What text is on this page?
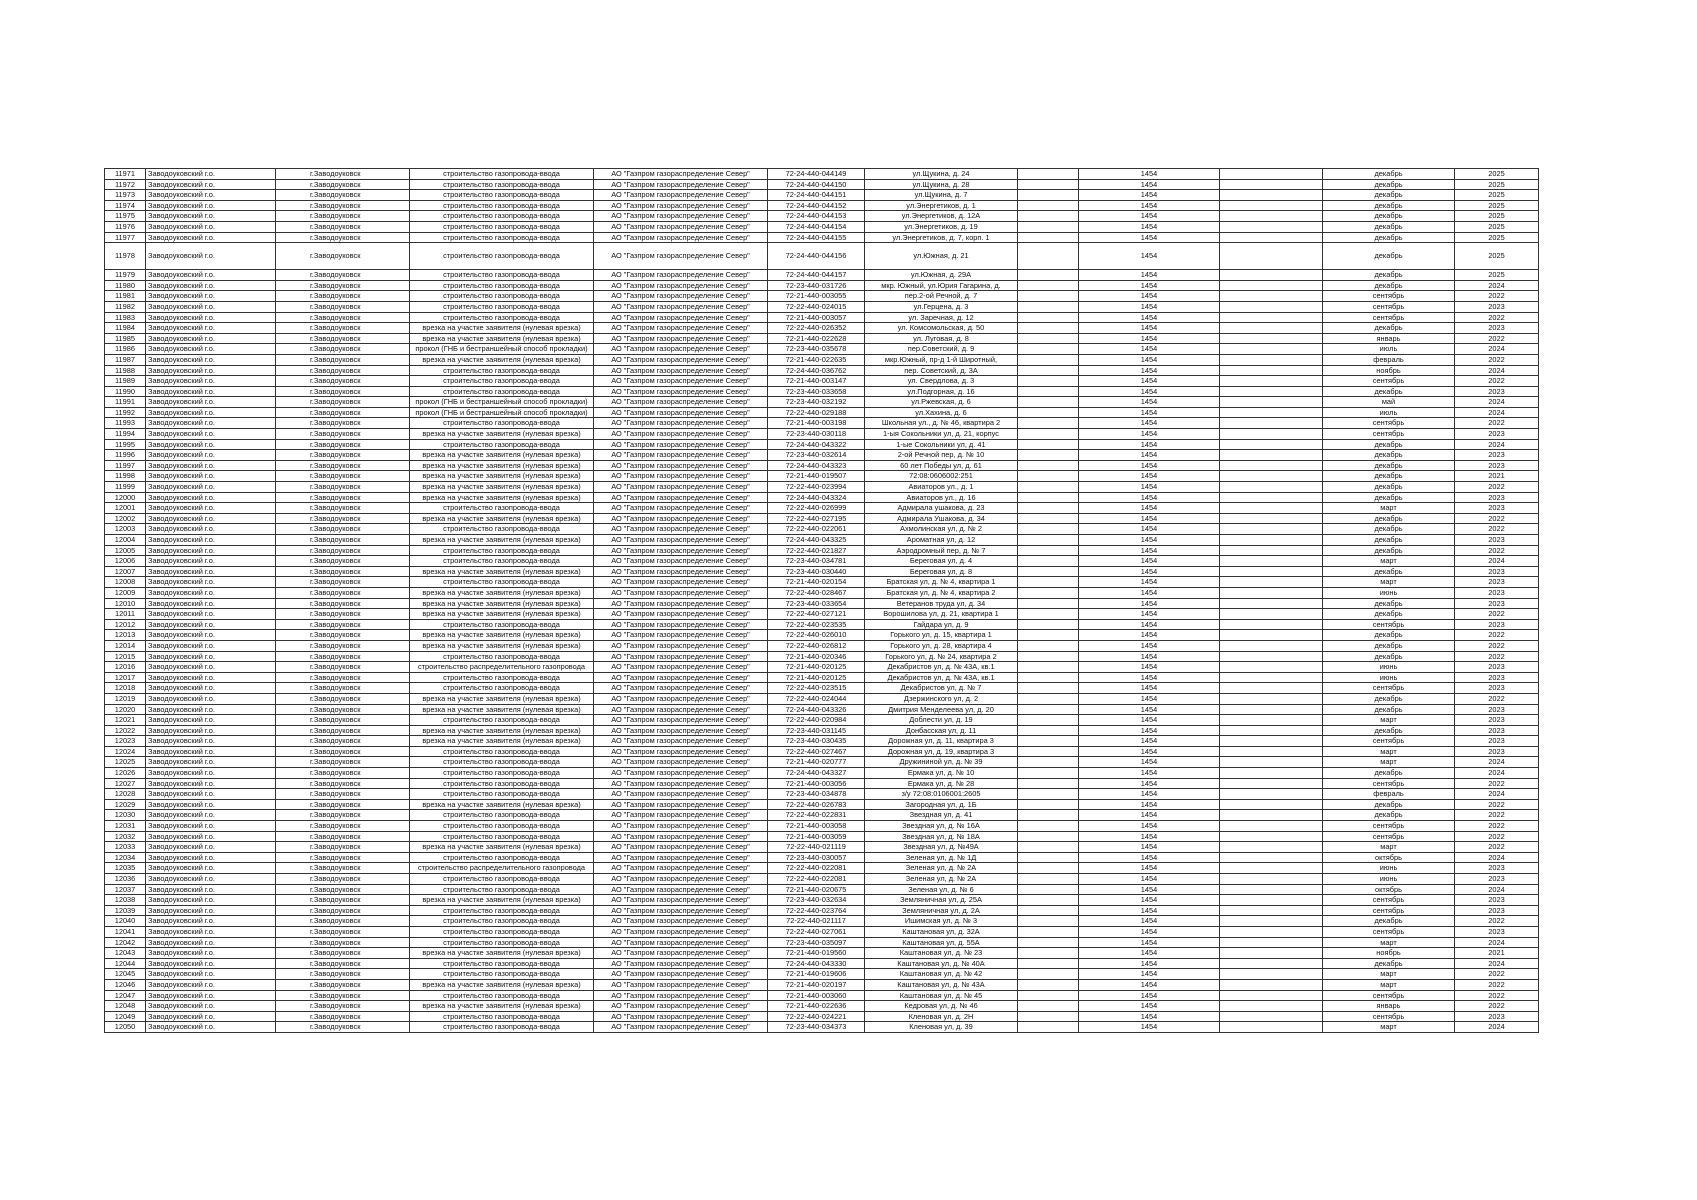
11971	Заводоуковский г.о.	г.Заводоуковск	строительство газопровода-ввода	АО "Газпром газораспределение Север"	72-24-440-044149	ул.Щукина, д. 24		1454		декабрь	2025
11972	Заводоуковский г.о.	г.Заводоуковск	строительство газопровода-ввода	АО "Газпром газораспределение Север"	72-24-440-044150	ул.Щукина, д. 28		1454		декабрь	2025
11973	Заводоуковский г.о.	г.Заводоуковск	строительство газопровода-ввода	АО "Газпром газораспределение Север"	72-24-440-044151	ул.Щукина, д. 7		1454		декабрь	2025
11974	Заводоуковский г.о.	г.Заводоуковск	строительство газопровода-ввода	АО "Газпром газораспределение Север"	72-24-440-044152	ул.Энергетиков, д. 1		1454		декабрь	2025
11975	Заводоуковский г.о.	г.Заводоуковск	строительство газопровода-ввода	АО "Газпром газораспределение Север"	72-24-440-044153	ул.Энергетиков, д. 12А		1454		декабрь	2025
11976	Заводоуковский г.о.	г.Заводоуковск	строительство газопровода-ввода	АО "Газпром газораспределение Север"	72-24-440-044154	ул.Энергетиков, д. 19		1454		декабрь	2025
11977	Заводоуковский г.о.	г.Заводоуковск	строительство газопровода-ввода	АО "Газпром газораспределение Север"	72-24-440-044155	ул.Энергетиков, д. 7, корп. 1		1454		декабрь	2025
11978	Заводоуковский г.о.	г.Заводоуковск	строительство газопровода-ввода	АО "Газпром газораспределение Север"	72-24-440-044156	ул.Южная, д. 21		1454		декабрь	2025
11979	Заводоуковский г.о.	г.Заводоуковск	строительство газопровода-ввода	АО "Газпром газораспределение Север"	72-24-440-044157	ул.Южная, д. 29А		1454		декабрь	2025
11980	Заводоуковский г.о.	г.Заводоуковск	строительство газопровода-ввода	АО "Газпром газораспределение Север"	72-23-440-031726	мкр. Южный, ул.Юрия Гагарина, д.		1454		декабрь	2024
11981	Заводоуковский г.о.	г.Заводоуковск	строительство газопровода-ввода	АО "Газпром газораспределение Север"	72-21-440-003055	пер.2-ой Речной, д. 7		1454		сентябрь	2022
11982	Заводоуковский г.о.	г.Заводоуковск	строительство газопровода-ввода	АО "Газпром газораспределение Север"	72-22-440-024015	ул.Герцена, д. 3		1454		сентябрь	2023
11983	Заводоуковский г.о.	г.Заводоуковск	строительство газопровода-ввода	АО "Газпром газораспределение Север"	72-21-440-003057	ул. Заречная, д. 12		1454		сентябрь	2022
11984	Заводоуковский г.о.	г.Заводоуковск	врезка на участке заявителя (нулевая врезка)	АО "Газпром газораспределение Север"	72-22-440-026352	ул. Комсомольская, д. 50		1454		декабрь	2023
11985	Заводоуковский г.о.	г.Заводоуковск	врезка на участке заявителя (нулевая врезка)	АО "Газпром газораспределение Север"	72-21-440-022628	ул. Луговая, д. 8		1454		январь	2022
11986	Заводоуковский г.о.	г.Заводоуковск	прокол (ГНБ и бестраншейный способ прокладки)	АО "Газпром газораспределение Север"	72-23-440-035678	пер.Советский, д. 9		1454		июль	2024
11987	Заводоуковский г.о.	г.Заводоуковск	врезка на участке заявителя (нулевая врезка)	АО "Газпром газораспределение Север"	72-21-440-022635	мкр.Южный, пр-д 1-й Широтный,		1454		февраль	2022
11988	Заводоуковский г.о.	г.Заводоуковск	строительство газопровода-ввода	АО "Газпром газораспределение Север"	72-24-440-036762	пер. Советский, д. 3А		1454		ноябрь	2024
11989	Заводоуковский г.о.	г.Заводоуковск	строительство газопровода-ввода	АО "Газпром газораспределение Север"	72-21-440-003147	ул. Свердлова, д. 3		1454		сентябрь	2022
11990	Заводоуковский г.о.	г.Заводоуковск	строительство газопровода-ввода	АО "Газпром газораспределение Север"	72-23-440-033658	ул.Подгорная, д. 16		1454		декабрь	2023
11991	Заводоуковский г.о.	г.Заводоуковск	прокол (ГНБ и бестраншейный способ прокладки)	АО "Газпром газораспределение Север"	72-23-440-032192	ул.Ржевская, д. 6		1454		май	2024
11992	Заводоуковский г.о.	г.Заводоуковск	прокол (ГНБ и бестраншейный способ прокладки)	АО "Газпром газораспределение Север"	72-22-440-029188	ул.Хахина, д. 6		1454		июль	2024
11993	Заводоуковский г.о.	г.Заводоуковск	строительство газопровода-ввода	АО "Газпром газораспределение Север"	72-21-440-003198	Школьная ул., д. № 46, квартира 2		1454		сентябрь	2022
11994	Заводоуковский г.о.	г.Заводоуковск	врезка на участке заявителя (нулевая врезка)	АО "Газпром газораспределение Север"	72-23-440-030118	1-ыя Сокольники ул, д. 21, корпус		1454		сентябрь	2023
11995	Заводоуковский г.о.	г.Заводоуковск	строительство газопровода-ввода	АО "Газпром газораспределение Север"	72-24-440-043322	1-ые Сокольники ул, д. 41		1454		декабрь	2024
11996	Заводоуковский г.о.	г.Заводоуковск	врезка на участке заявителя (нулевая врезка)	АО "Газпром газораспределение Север"	72-23-440-032614	2-ой Речной пер, д. № 10		1454		декабрь	2023
11997	Заводоуковский г.о.	г.Заводоуковск	врезка на участке заявителя (нулевая врезка)	АО "Газпром газораспределение Север"	72-24-440-043323	60 лет Победы ул, д. 61		1454		декабрь	2023
11998	Заводоуковский г.о.	г.Заводоуковск	врезка на участке заявителя (нулевая врезка)	АО "Газпром газораспределение Север"	72-21-440-019507	72:08:0606002:251		1454		декабрь	2021
11999	Заводоуковский г.о.	г.Заводоуковск	врезка на участке заявителя (нулевая врезка)	АО "Газпром газораспределение Север"	72-22-440-023994	Авиаторов ул., д. 1		1454		декабрь	2022
12000	Заводоуковский г.о.	г.Заводоуковск	врезка на участке заявителя (нулевая врезка)	АО "Газпром газораспределение Север"	72-24-440-043324	Авиаторов ул., д. 16		1454		декабрь	2023
12001	Заводоуковский г.о.	г.Заводоуковск	строительство газопровода-ввода	АО "Газпром газораспределение Север"	72-22-440-026999	Адмирала ушакова, д. 23		1454		март	2023
12002	Заводоуковский г.о.	г.Заводоуковск	врезка на участке заявителя (нулевая врезка)	АО "Газпром газораспределение Север"	72-22-440-027195	Адмирала Ушакова, д. 34		1454		декабрь	2022
12003	Заводоуковский г.о.	г.Заводоуковск	строительство газопровода-ввода	АО "Газпром газораспределение Север"	72-22-440-022061	Ахмолинская ул, д. № 2		1454		декабрь	2022
12004	Заводоуковский г.о.	г.Заводоуковск	врезка на участке заявителя (нулевая врезка)	АО "Газпром газораспределение Север"	72-24-440-043325	Ароматная ул, д. 12		1454		декабрь	2023
12005	Заводоуковский г.о.	г.Заводоуковск	строительство газопровода-ввода	АО "Газпром газораспределение Север"	72-22-440-021827	Аэродромный пер, д. № 7		1454		декабрь	2022
12006	Заводоуковский г.о.	г.Заводоуковск	строительство газопровода-ввода	АО "Газпром газораспределение Север"	72-23-440-034781	Береговая ул, д. 4		1454		март	2024
12007	Заводоуковский г.о.	г.Заводоуковск	врезка на участке заявителя (нулевая врезка)	АО "Газпром газораспределение Север"	72-23-440-030440	Береговая ул, д. 8		1454		декабрь	2023
12008	Заводоуковский г.о.	г.Заводоуковск	строительство газопровода-ввода	АО "Газпром газораспределение Север"	72-21-440-020154	Братская ул, д. № 4, квартира 1		1454		март	2023
12009	Заводоуковский г.о.	г.Заводоуковск	врезка на участке заявителя (нулевая врезка)	АО "Газпром газораспределение Север"	72-22-440-028467	Братская ул, д. № 4, квартира 2		1454		июнь	2023
12010	Заводоуковский г.о.	г.Заводоуковск	врезка на участке заявителя (нулевая врезка)	АО "Газпром газораспределение Север"	72-23-440-033654	Ветеранов труда ул, д. 34		1454		декабрь	2023
12011	Заводоуковский г.о.	г.Заводоуковск	врезка на участке заявителя (нулевая врезка)	АО "Газпром газораспределение Север"	72-22-440-027121	Ворошилова ул, д. 21, квартира 1		1454		декабрь	2022
12012	Заводоуковский г.о.	г.Заводоуковск	строительство газопровода-ввода	АО "Газпром газораспределение Север"	72-22-440-023535	Гайдара ул, д. 9		1454		сентябрь	2023
12013	Заводоуковский г.о.	г.Заводоуковск	врезка на участке заявителя (нулевая врезка)	АО "Газпром газораспределение Север"	72-22-440-026010	Горького ул, д. 15, квартира 1		1454		декабрь	2022
12014	Заводоуковский г.о.	г.Заводоуковск	врезка на участке заявителя (нулевая врезка)	АО "Газпром газораспределение Север"	72-22-440-026812	Горького ул, д. 28, квартира 4		1454		декабрь	2022
12015	Заводоуковский г.о.	г.Заводоуковск	строительство газопровода-ввода	АО "Газпром газораспределение Север"	72-21-440-020346	Горького ул, д. № 24, квартира 2		1454		декабрь	2022
12016	Заводоуковский г.о.	г.Заводоуковск	строительство распределительного газопровода	АО "Газпром газораспределение Север"	72-21-440-020125	Декабристов ул, д. № 43А, кв.1		1454		июнь	2023
12017	Заводоуковский г.о.	г.Заводоуковск	строительство газопровода-ввода	АО "Газпром газораспределение Север"	72-21-440-020125	Декабристов ул, д. № 43А, кв.1		1454		июнь	2023
12018	Заводоуковский г.о.	г.Заводоуковск	строительство газопровода-ввода	АО "Газпром газораспределение Север"	72-22-440-023515	Декабристов ул, д. № 7		1454		сентябрь	2023
12019	Заводоуковский г.о.	г.Заводоуковск	врезка на участке заявителя (нулевая врезка)	АО "Газпром газораспределение Север"	72-22-440-024044	Дзержинского ул, д. 2		1454		декабрь	2022
12020	Заводоуковский г.о.	г.Заводоуковск	врезка на участке заявителя (нулевая врезка)	АО "Газпром газораспределение Север"	72-24-440-043326	Дмитрия Менделеева ул, д. 20		1454		декабрь	2023
12021	Заводоуковский г.о.	г.Заводоуковск	строительство газопровода-ввода	АО "Газпром газораспределение Север"	72-22-440-020984	Доблести ул, д. 19		1454		март	2023
12022	Заводоуковский г.о.	г.Заводоуковск	врезка на участке заявителя (нулевая врезка)	АО "Газпром газораспределение Север"	72-23-440-031145	Донбасская ул, д. 11		1454		декабрь	2023
12023	Заводоуковский г.о.	г.Заводоуковск	врезка на участке заявителя (нулевая врезка)	АО "Газпром газораспределение Север"	72-23-440-030435	Дорожная ул, д. 11, квартира 3		1454		сентябрь	2023
12024	Заводоуковский г.о.	г.Заводоуковск	строительство газопровода-ввода	АО "Газпром газораспределение Север"	72-22-440-027467	Дорожная ул, д. 19, квартира 3		1454		март	2023
12025	Заводоуковский г.о.	г.Заводоуковск	строительство газопровода-ввода	АО "Газпром газораспределение Север"	72-21-440-020777	Дружининой ул, д. № 39		1454		март	2024
12026	Заводоуковский г.о.	г.Заводоуковск	строительство газопровода-ввода	АО "Газпром газораспределение Север"	72-24-440-043327	Ермака ул, д. № 10		1454		декабрь	2024
12027	Заводоуковский г.о.	г.Заводоуковск	строительство газопровода-ввода	АО "Газпром газораспределение Север"	72-21-440-003056	Ермака ул, д. № 28		1454		сентябрь	2022
12028	Заводоуковский г.о.	г.Заводоуковск	строительство газопровода-ввода	АО "Газпром газораспределение Север"	72-23-440-034878	з/у 72:08:0106001:2605		1454		февраль	2024
12029	Заводоуковский г.о.	г.Заводоуковск	врезка на участке заявителя (нулевая врезка)	АО "Газпром газораспределение Север"	72-22-440-026783	Загородная ул, д. 1Б		1454		декабрь	2022
12030	Заводоуковский г.о.	г.Заводоуковск	строительство газопровода-ввода	АО "Газпром газораспределение Север"	72-22-440-022831	Звездная ул, д. 41		1454		декабрь	2022
12031	Заводоуковский г.о.	г.Заводоуковск	строительство газопровода-ввода	АО "Газпром газораспределение Север"	72-21-440-003058	Звездная ул, д. № 16А		1454		сентябрь	2022
12032	Заводоуковский г.о.	г.Заводоуковск	строительство газопровода-ввода	АО "Газпром газораспределение Север"	72-21-440-003059	Звездная ул, д. № 18А		1454		сентябрь	2022
12033	Заводоуковский г.о.	г.Заводоуковск	врезка на участке заявителя (нулевая врезка)	АО "Газпром газораспределение Север"	72-22-440-021119	Звездная ул, д. №49А		1454		март	2022
12034	Заводоуковский г.о.	г.Заводоуковск	строительство газопровода-ввода	АО "Газпром газораспределение Север"	72-23-440-030057	Зеленая ул, д. № 1Д		1454		октябрь	2024
12035	Заводоуковский г.о.	г.Заводоуковск	строительство распределительного газопровода	АО "Газпром газораспределение Север"	72-22-440-022081	Зеленая ул, д. № 2А		1454		июнь	2023
12036	Заводоуковский г.о.	г.Заводоуковск	строительство газопровода-ввода	АО "Газпром газораспределение Север"	72-22-440-022081	Зеленая ул, д. № 2А		1454		июнь	2023
12037	Заводоуковский г.о.	г.Заводоуковск	строительство газопровода-ввода	АО "Газпром газораспределение Север"	72-21-440-020675	Зеленая ул, д. № 6		1454		октябрь	2024
12038	Заводоуковский г.о.	г.Заводоуковск	врезка на участке заявителя (нулевая врезка)	АО "Газпром газораспределение Север"	72-23-440-032634	Земляничная ул, д. 25А		1454		сентябрь	2023
12039	Заводоуковский г.о.	г.Заводоуковск	строительство газопровода-ввода	АО "Газпром газораспределение Север"	72-22-440-023764	Земляничная ул, д. 2А		1454		сентябрь	2023
12040	Заводоуковский г.о.	г.Заводоуковск	строительство газопровода-ввода	АО "Газпром газораспределение Север"	72-22-440-021117	Ишимская ул, д. № 3		1454		декабрь	2022
12041	Заводоуковский г.о.	г.Заводоуковск	строительство газопровода-ввода	АО "Газпром газораспределение Север"	72-22-440-027061	Каштановая ул, д. 32А		1454		сентябрь	2023
12042	Заводоуковский г.о.	г.Заводоуковск	строительство газопровода-ввода	АО "Газпром газораспределение Север"	72-23-440-035097	Каштановая ул, д. 55А		1454		март	2024
12043	Заводоуковский г.о.	г.Заводоуковск	врезка на участке заявителя (нулевая врезка)	АО "Газпром газораспределение Север"	72-21-440-019560	Каштановая ул, д. № 23		1454		ноябрь	2021
12044	Заводоуковский г.о.	г.Заводоуковск	строительство газопровода-ввода	АО "Газпром газораспределение Север"	72-24-440-043330	Каштановая ул, д. № 40А		1454		декабрь	2024
12045	Заводоуковский г.о.	г.Заводоуковск	строительство газопровода-ввода	АО "Газпром газораспределение Север"	72-21-440-019606	Каштановая ул, д. № 42		1454		март	2022
12046	Заводоуковский г.о.	г.Заводоуковск	врезка на участке заявителя (нулевая врезка)	АО "Газпром газораспределение Север"	72-21-440-020197	Каштановая ул, д. № 43А		1454		март	2022
12047	Заводоуковский г.о.	г.Заводоуковск	строительство газопровода-ввода	АО "Газпром газораспределение Север"	72-21-440-003060	Каштановая ул, д. № 45		1454		сентябрь	2022
12048	Заводоуковский г.о.	г.Заводоуковск	врезка на участке заявителя (нулевая врезка)	АО "Газпром газораспределение Север"	72-21-440-022636	Кедровая ул, д. № 46		1454		январь	2022
12049	Заводоуковский г.о.	г.Заводоуковск	строительство газопровода-ввода	АО "Газпром газораспределение Север"	72-22-440-024221	Кленовая ул, д. 2Н		1454		сентябрь	2023
12050	Заводоуковский г.о.	г.Заводоуковск	строительство газопровода-ввода	АО "Газпром газораспределение Север"	72-23-440-034373	Кленовая ул, д. 39		1454		март	2024
